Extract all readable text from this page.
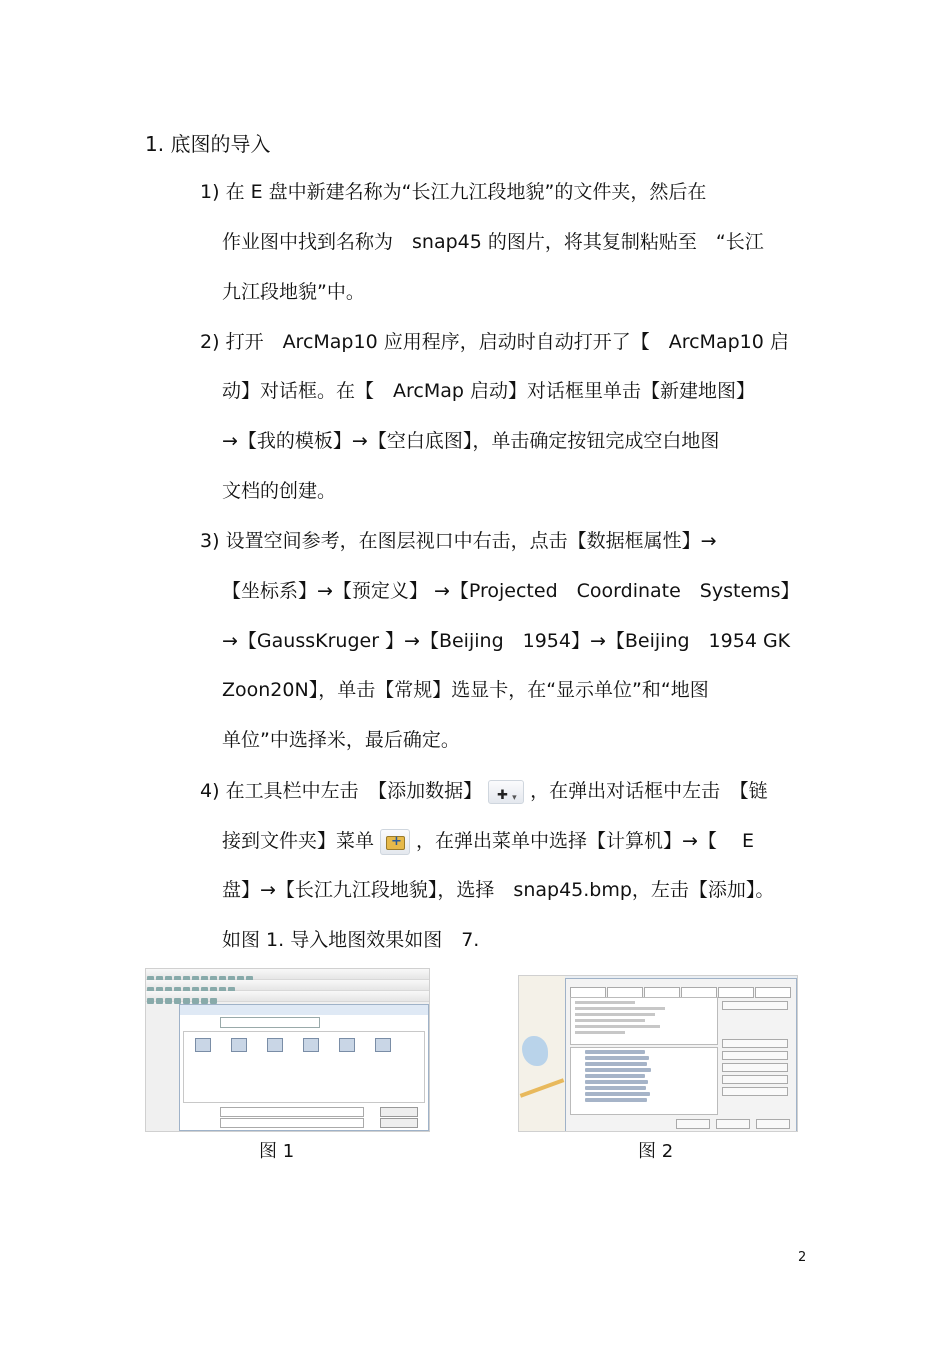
1. 底图的导入
1) 在 E 盘中新建名称为“长江九江段地貌”的文件夹，然后在
作业图中找到名称为　snap45 的图片，将其复制粘贴至　“长江
九江段地貌”中。
2) 打开　ArcMap10 应用程序，启动时自动打开了【　ArcMap10 启
动】对话框。在【　ArcMap 启动】对话框里单击【新建地图】
→【我的模板】→【空白底图】，单击确定按钮完成空白地图
文档的创建。
3) 设置空间参考，在图层视口中右击，点击【数据框属性】→
【坐标系】→【预定义】 →【Projected　Coordinate　Systems】
→【GaussKruger 】→【Beijing　1954】→【Beijing　1954 GK
Zoon20N】，单击【常规】选显卡，在“显示单位”和“地图
单位”中选择米，最后确定。
4) 在工具栏中左击　【添加数据】 ✚ ▾	，在弹出对话框中左击　【链
接到文件夹】菜单 + ，在弹出菜单中选择【计算机】→【　 E
盘】→【长江九江段地貌】，选择　snap45.bmp，左击【添加】。
如图 1. 导入地图效果如图　7.
图 1	图 2
2
